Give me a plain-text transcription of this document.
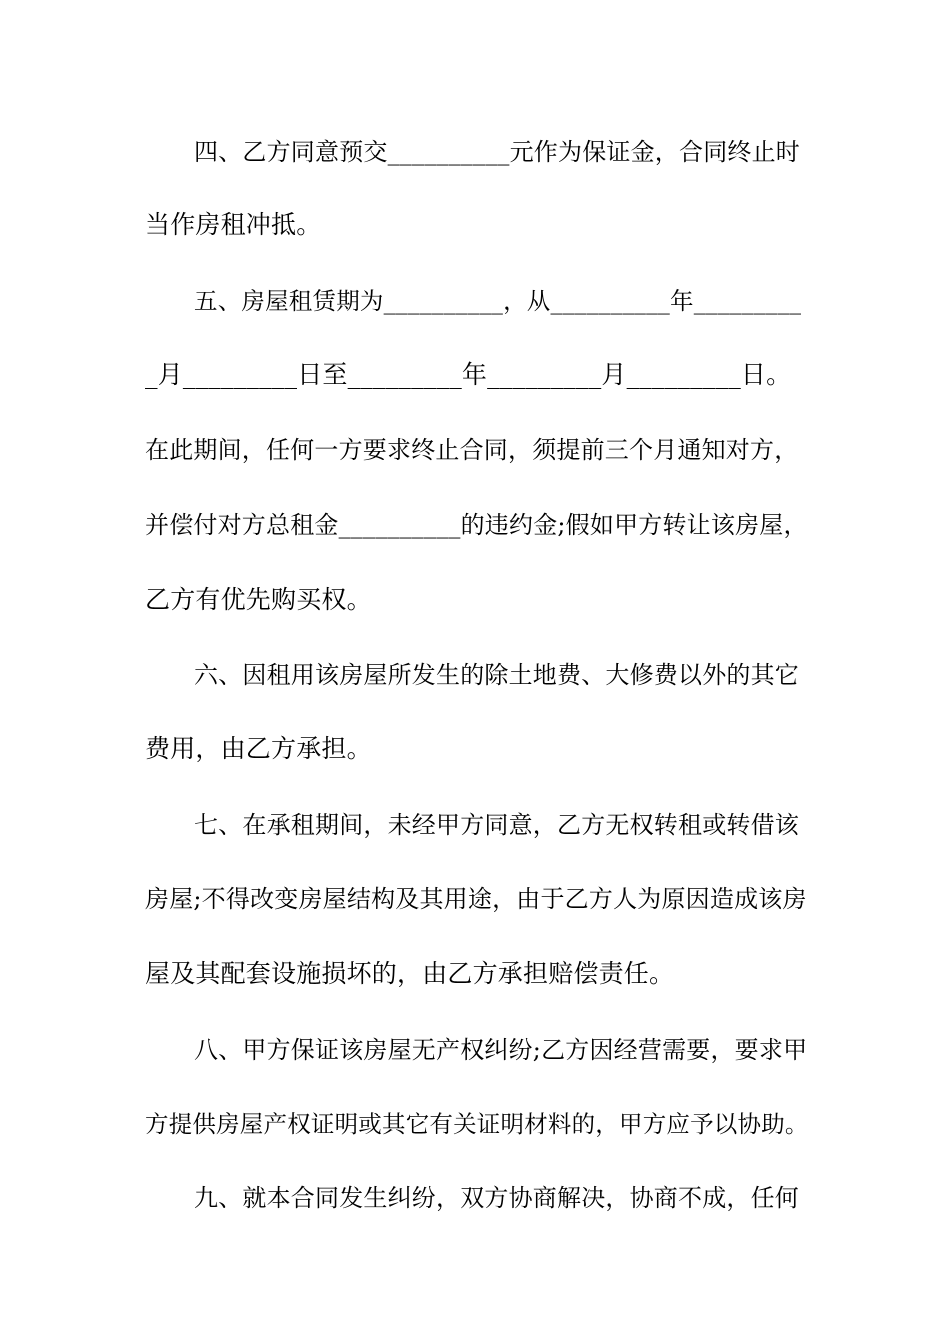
四、乙方同意预交__________元作为保证金，合同终止时
当作房租冲抵。
五、房屋租赁期为__________，从__________年_________
_月_________日至_________年_________月_________日。
在此期间，任何一方要求终止合同，须提前三个月通知对方，
并偿付对方总租金__________的违约金;假如甲方转让该房屋，
乙方有优先购买权。
六、因租用该房屋所发生的除土地费、大修费以外的其它
费用，由乙方承担。
七、在承租期间，未经甲方同意，乙方无权转租或转借该
房屋;不得改变房屋结构及其用途，由于乙方人为原因造成该房
屋及其配套设施损坏的，由乙方承担赔偿责任。
八、甲方保证该房屋无产权纠纷;乙方因经营需要，要求甲
方提供房屋产权证明或其它有关证明材料的，甲方应予以协助。
九、就本合同发生纠纷，双方协商解决，协商不成，任何
